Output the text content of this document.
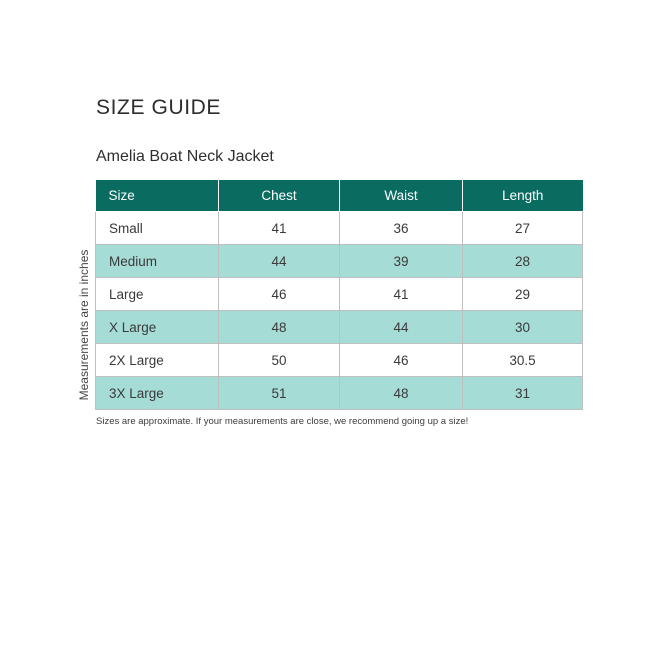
SIZE GUIDE
Amelia Boat Neck Jacket
Size	Chest	Waist	Length
Small	41	36	27
Medium	44	39	28
Large	46	41	29
X Large	48	44	30
2X Large	50	46	30.5
3X Large	51	48	31
Measurements are in inches
Sizes are approximate. If your measurements are close, we recommend going up a size!
